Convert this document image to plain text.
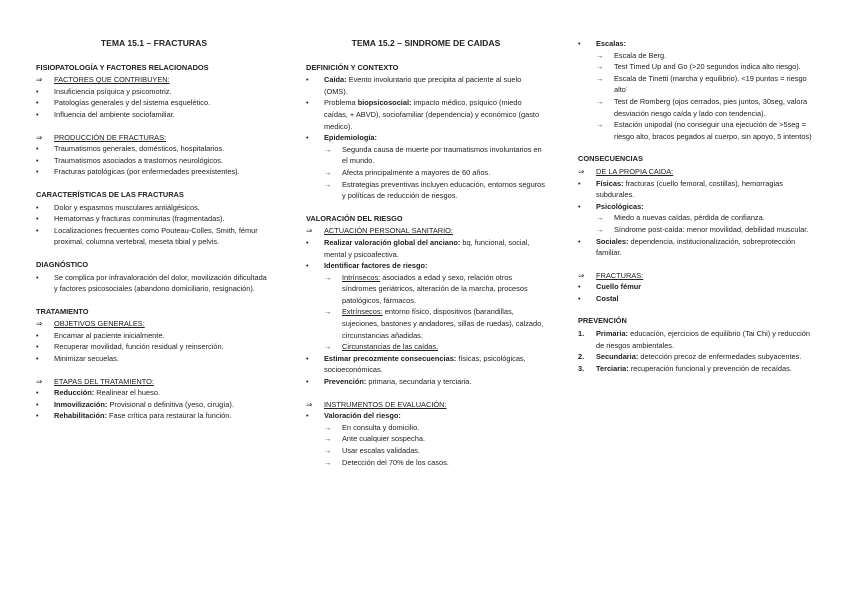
TEMA 15.1 – FRACTURAS
FISIOPATOLOGÍA Y FACTORES RELACIONADOS
⇒	FACTORES QUE CONTRIBUYEN:
•	Insuficiencia psíquica y psicomotriz.
•	Patologías generales y del sistema esquelético.
•	Influencia del ambiente sociofamiliar.
⇒	PRODUCCIÓN DE FRACTURAS:
•	Traumatismos generales, domésticos, hospitalarios.
•	Traumatismos asociados a trastornos neurológicos.
•	Fracturas patológicas (por enfermedades preexistentes).
CARACTERÍSTICAS DE LAS FRACTURAS
•	Dolor y espasmos musculares antiálgésicos.
•	Hematomas y fracturas conminutas (fragmentadas).
•	Localizaciones frecuentes como Pouteau-Colles, Smith, fémur proximal, columna vertebral, meseta tibial y pelvis.
DIAGNÓSTICO
•	Se complica por infravaloración del dolor, movilización dificultada y factores psicosociales (abandono domiciliario, resignación).
TRATAMIENTO
⇒	OBJETIVOS GENERALES:
•	Encamar al paciente inicialmente.
•	Recuperar movilidad, función residual y reinserción.
•	Minimizar secuelas.
⇒	ETAPAS DEL TRATAMIENTO:
•	Reducción: Realinear el hueso.
•	Inmovilización: Provisional o definitiva (yeso, cirugía).
•	Rehabilitación: Fase crítica para restaurar la función.
TEMA 15.2 – SINDROME DE CAIDAS
DEFINICIÓN Y CONTEXTO
•	Caída: Evento involuntario que precipita al paciente al suelo (OMS).
•	Problema biopsicosocial: impacto médico, psíquico (miedo caídas, + ABVD), sociofamiliar (dependencia) y económico (gasto medico).
•	Epidemiología:
→	Segunda causa de muerte por traumatismos involuntarios en el mundo.
→	Afecta principalmente a mayores de 60 años.
→	Estrategias preventivas incluyen educación, entornos seguros y políticas de reducción de riesgos.
VALORACIÓN DEL RIESGO
⇒	ACTUACIÓN PERSONAL SANITARIO:
•	Realizar valoración global del anciano: bq, funcional, social, mental y psicoafectiva.
•	Identificar factores de riesgo:
→	Intrínsecos: asociados a edad y sexo, relación otros síndromes geriátricos, alteración de la marcha, procesos patológicos, fármacos.
→	Extrínsecos: entorno físico, dispositivos (barandillas, sujeciones, bastones y andadores, sillas de ruedas), calzado, circunstancias añadidas.
→	Circunstancias de las caídas.
•	Estimar precozmente consecuencias: físicas, psicológicas, socioeconómicas.
•	Prevención: primaria, secundaria y terciaria.
⇒	INSTRUMENTOS DE EVALUACIÓN:
•	Valoración del riesgo:
→	En consulta y domicilio.
→	Ante cualquier sospecha.
→	Usar escalas validadas.
→	Detección del 70% de los casos.
•	Escalas:
→	Escala de Berg.
→	Test Timed Up and Go (>20 segundos indica alto riesgo).
→	Escala de Tinetti (marcha y equilibrio). <19 puntos = riesgo alto´
→	Test de Romberg (ojos cerrados, pies juntos, 30seg, valora desviación riesgo caída y lado con tendencia).
→	Estación unipodal (no conseguir una ejecución de >5seg = riesgo alto, bracos pegados al cuerpo, sin apoyo, 5 intentos)
CONSECUENCIAS
⇒	DE LA PROPIA CAIDA:
•	Físicas: fracturas (cuello femoral, costillas), hemorragias subdurales.
•	Psicológicas:
→	Miedo a nuevas caídas, pérdida de confianza.
→	Síndrome post-caída: menor movilidad, debilidad muscular.
•	Sociales: dependencia, institucionalización, sobreprotección familiar.
⇒	FRACTURAS:
•	Cuello fémur
•	Costal
PREVENCIÓN
1.	Primaria: educación, ejercicios de equilibrio (Tai Chi) y reducción de riesgos ambientales.
2.	Secundaria: detección precoz de enfermedades subyacentes.
3.	Terciaria: recuperación funcional y prevención de recaídas.
